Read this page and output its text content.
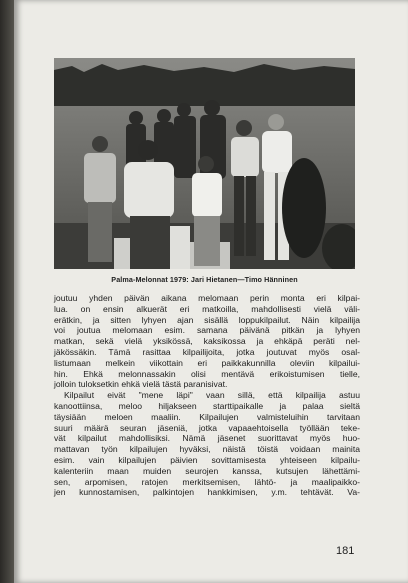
Palma-Melonnat 1979: Jari Hietanen—Timo Hänninen
joutuu yhden päivän aikana melomaan perin monta eri kilpai-
lua. on ensin alkuerät eri matkoilla, mahdollisesti vielä väli-
erätkin, ja sitten lyhyen ajan sisällä loppukilpailut. Näin kilpailija
voi joutua melomaan esim. samana päivänä pitkän ja lyhyen
matkan, sekä vielä yksikössä, kaksikossa ja ehkäpä peräti nel-
jäkössäkin. Tämä rasittaa kilpailijoita, jotka joutuvat myös osal-
listumaan melkein viikottain eri paikkakunnilla oleviin kilpailui-
hin. Ehkä melonnassakin olisi mentävä erikoistumisen tielle,
jolloin tuloksetkin ehkä vielä tästä paranisivat.
Kilpailut eivät "mene läpi" vaan sillä, että kilpailija astuu
kanoottiinsa, meloo hiljakseen starttipaikalle ja palaa sieltä
täysiään meloen maaliin. Kilpailujen valmisteluihin tarvitaan
suuri määrä seuran jäseniä, jotka vapaaehtoisella työllään teke-
vät kilpailut mahdollisiksi. Nämä jäsenet suorittavat myös huo-
mattavan työn kilpailujen hyväksi, näistä töistä voidaan mainita
esim. vain kilpailujen päivien sovittamisesta yhteiseen kilpailu-
kalenteriin maan muiden seurojen kanssa, kutsujen lähettämi-
sen, arpomisen, ratojen merkitsemisen, lähtö- ja maalipaikko-
jen kunnostamisen, palkintojen hankkimisen, y.m. tehtävät. Va-
181
